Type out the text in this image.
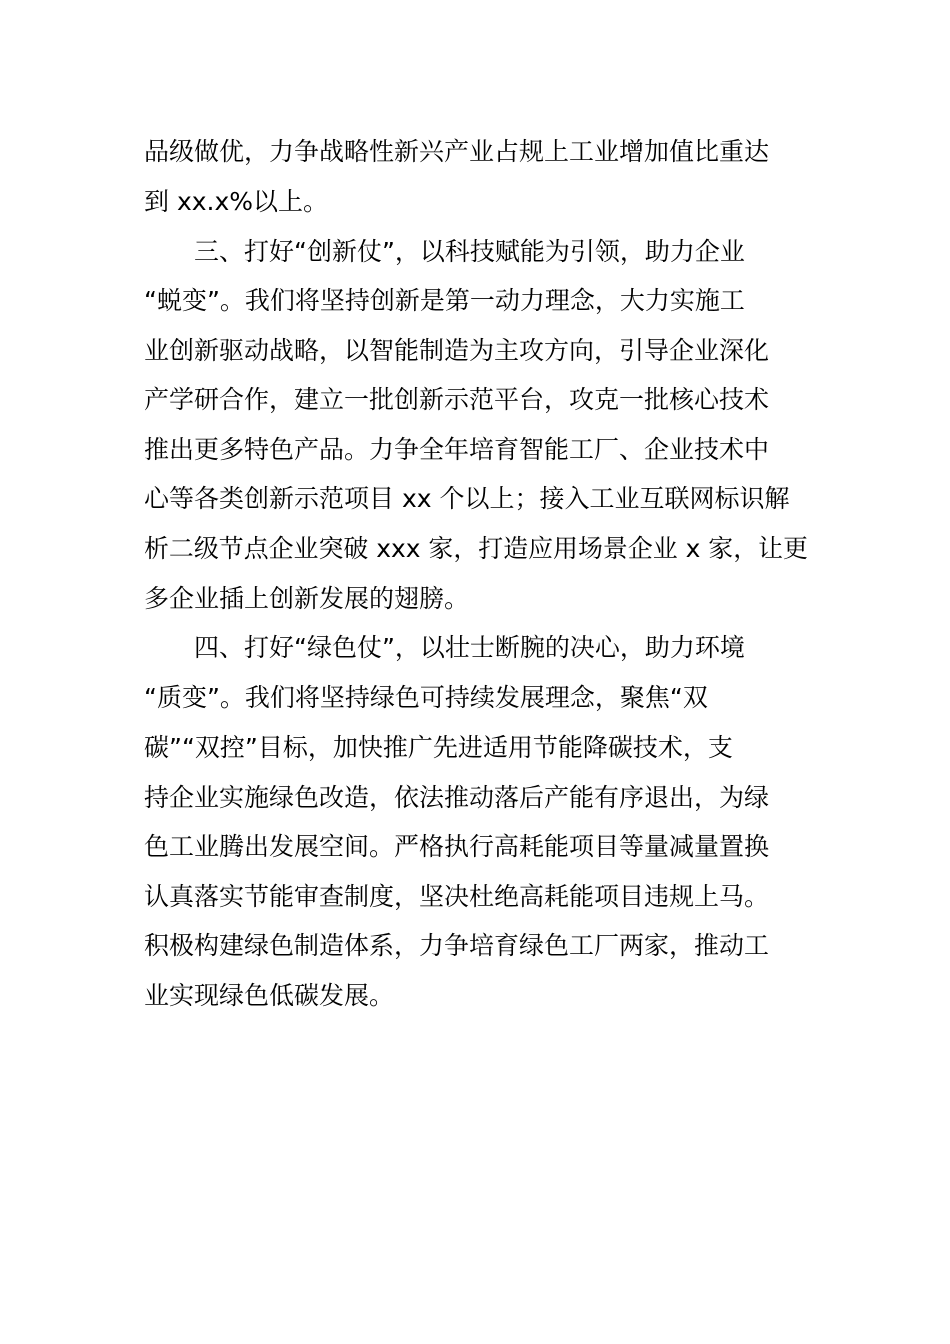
品级做优，力争战略性新兴产业占规上工业增加值比重达
到 xx.x%以上。
三、打好“创新仗”，以科技赋能为引领，助力企业
“蜕变”。我们将坚持创新是第一动力理念，大力实施工
业创新驱动战略，以智能制造为主攻方向，引导企业深化
产学研合作，建立一批创新示范平台，攻克一批核心技术
推出更多特色产品。力争全年培育智能工厂、企业技术中
心等各类创新示范项目 xx 个以上；接入工业互联网标识解
析二级节点企业突破 xxx 家，打造应用场景企业 x 家，让更
多企业插上创新发展的翅膀。
四、打好“绿色仗”，以壮士断腕的决心，助力环境
“质变”。我们将坚持绿色可持续发展理念，聚焦“双
碳”“双控”目标，加快推广先进适用节能降碳技术，支
持企业实施绿色改造，依法推动落后产能有序退出，为绿
色工业腾出发展空间。严格执行高耗能项目等量减量置换
认真落实节能审查制度，坚决杜绝高耗能项目违规上马。
积极构建绿色制造体系，力争培育绿色工厂两家，推动工
业实现绿色低碳发展。
